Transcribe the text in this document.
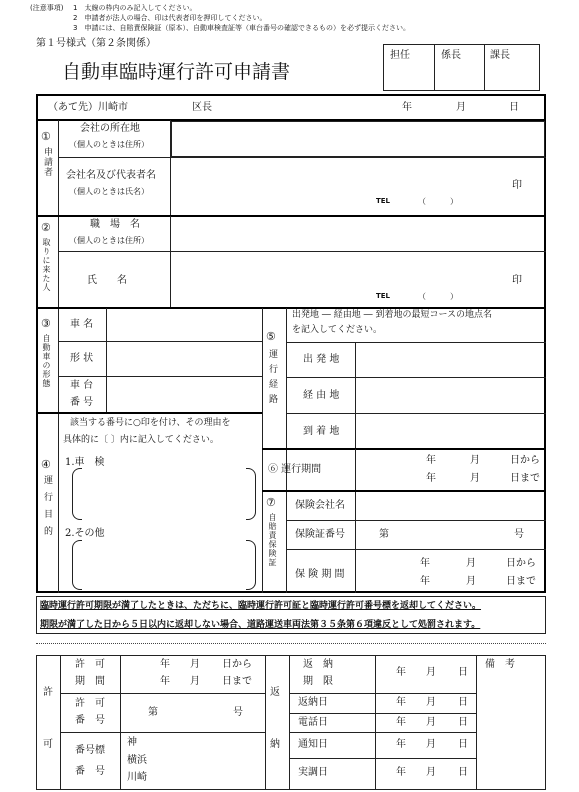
(注意事項) 1　太線の枠内のみ記入してください。
2　申請者が法人の場合、印は代表者印を押印してください。
3　申請には、自賠責保険証（原本）、自動車検査証等（車台番号の確認できるもの）を必ず提示ください。
第１号様式（第２条関係）
自動車臨時運行許可申請書
担任	係長	課長
（あて先）川崎市	区長	年	月	日
①
申請者
会社の所在地
（個人のときは住所）
会社名及び代表者名
（個人のときは氏名）
印
TEL	（　　　）
②
取りに来た人
職　場　名
（個人のときは住所）
氏　　名	印
TEL	（　　　）
③
自動車の形態
車 名
形 状
車 台
番 号
出発地 ― 経由地 ― 到着地の最短コースの地点名
を記入してください。
⑤
運行経路	出 発 地
経 由 地
到 着 地
該当する番号に○印を付け、その理由を
具体的に〔 〕内に記入してください。
④
運行目的
1.車　検
2.その他
⑥ 運行期間
年	月	日から
年	月	日まで
⑦
自賠責保険証
保険会社名
保険証番号	第	号
保 険 期 間
年	月	日から
年	月	日まで
臨時運行許可期限が満了したときは、ただちに、臨時運行許可証と臨時運行許可番号標を返却してください。
期限が満了した日から５日以内に返却しない場合、道路運送車両法第３５条第６項違反として処罰されます。
許
可
許　可
期　間
年 月 日から
年 月 日まで
許　可
番　号
第	号
番号標
番　号
神
横浜
川崎
返
納
返　納
期　限
年 月 日
返納日	年 月 日
電話日	年 月 日
通知日	年 月 日
実調日	年 月 日
備　考
